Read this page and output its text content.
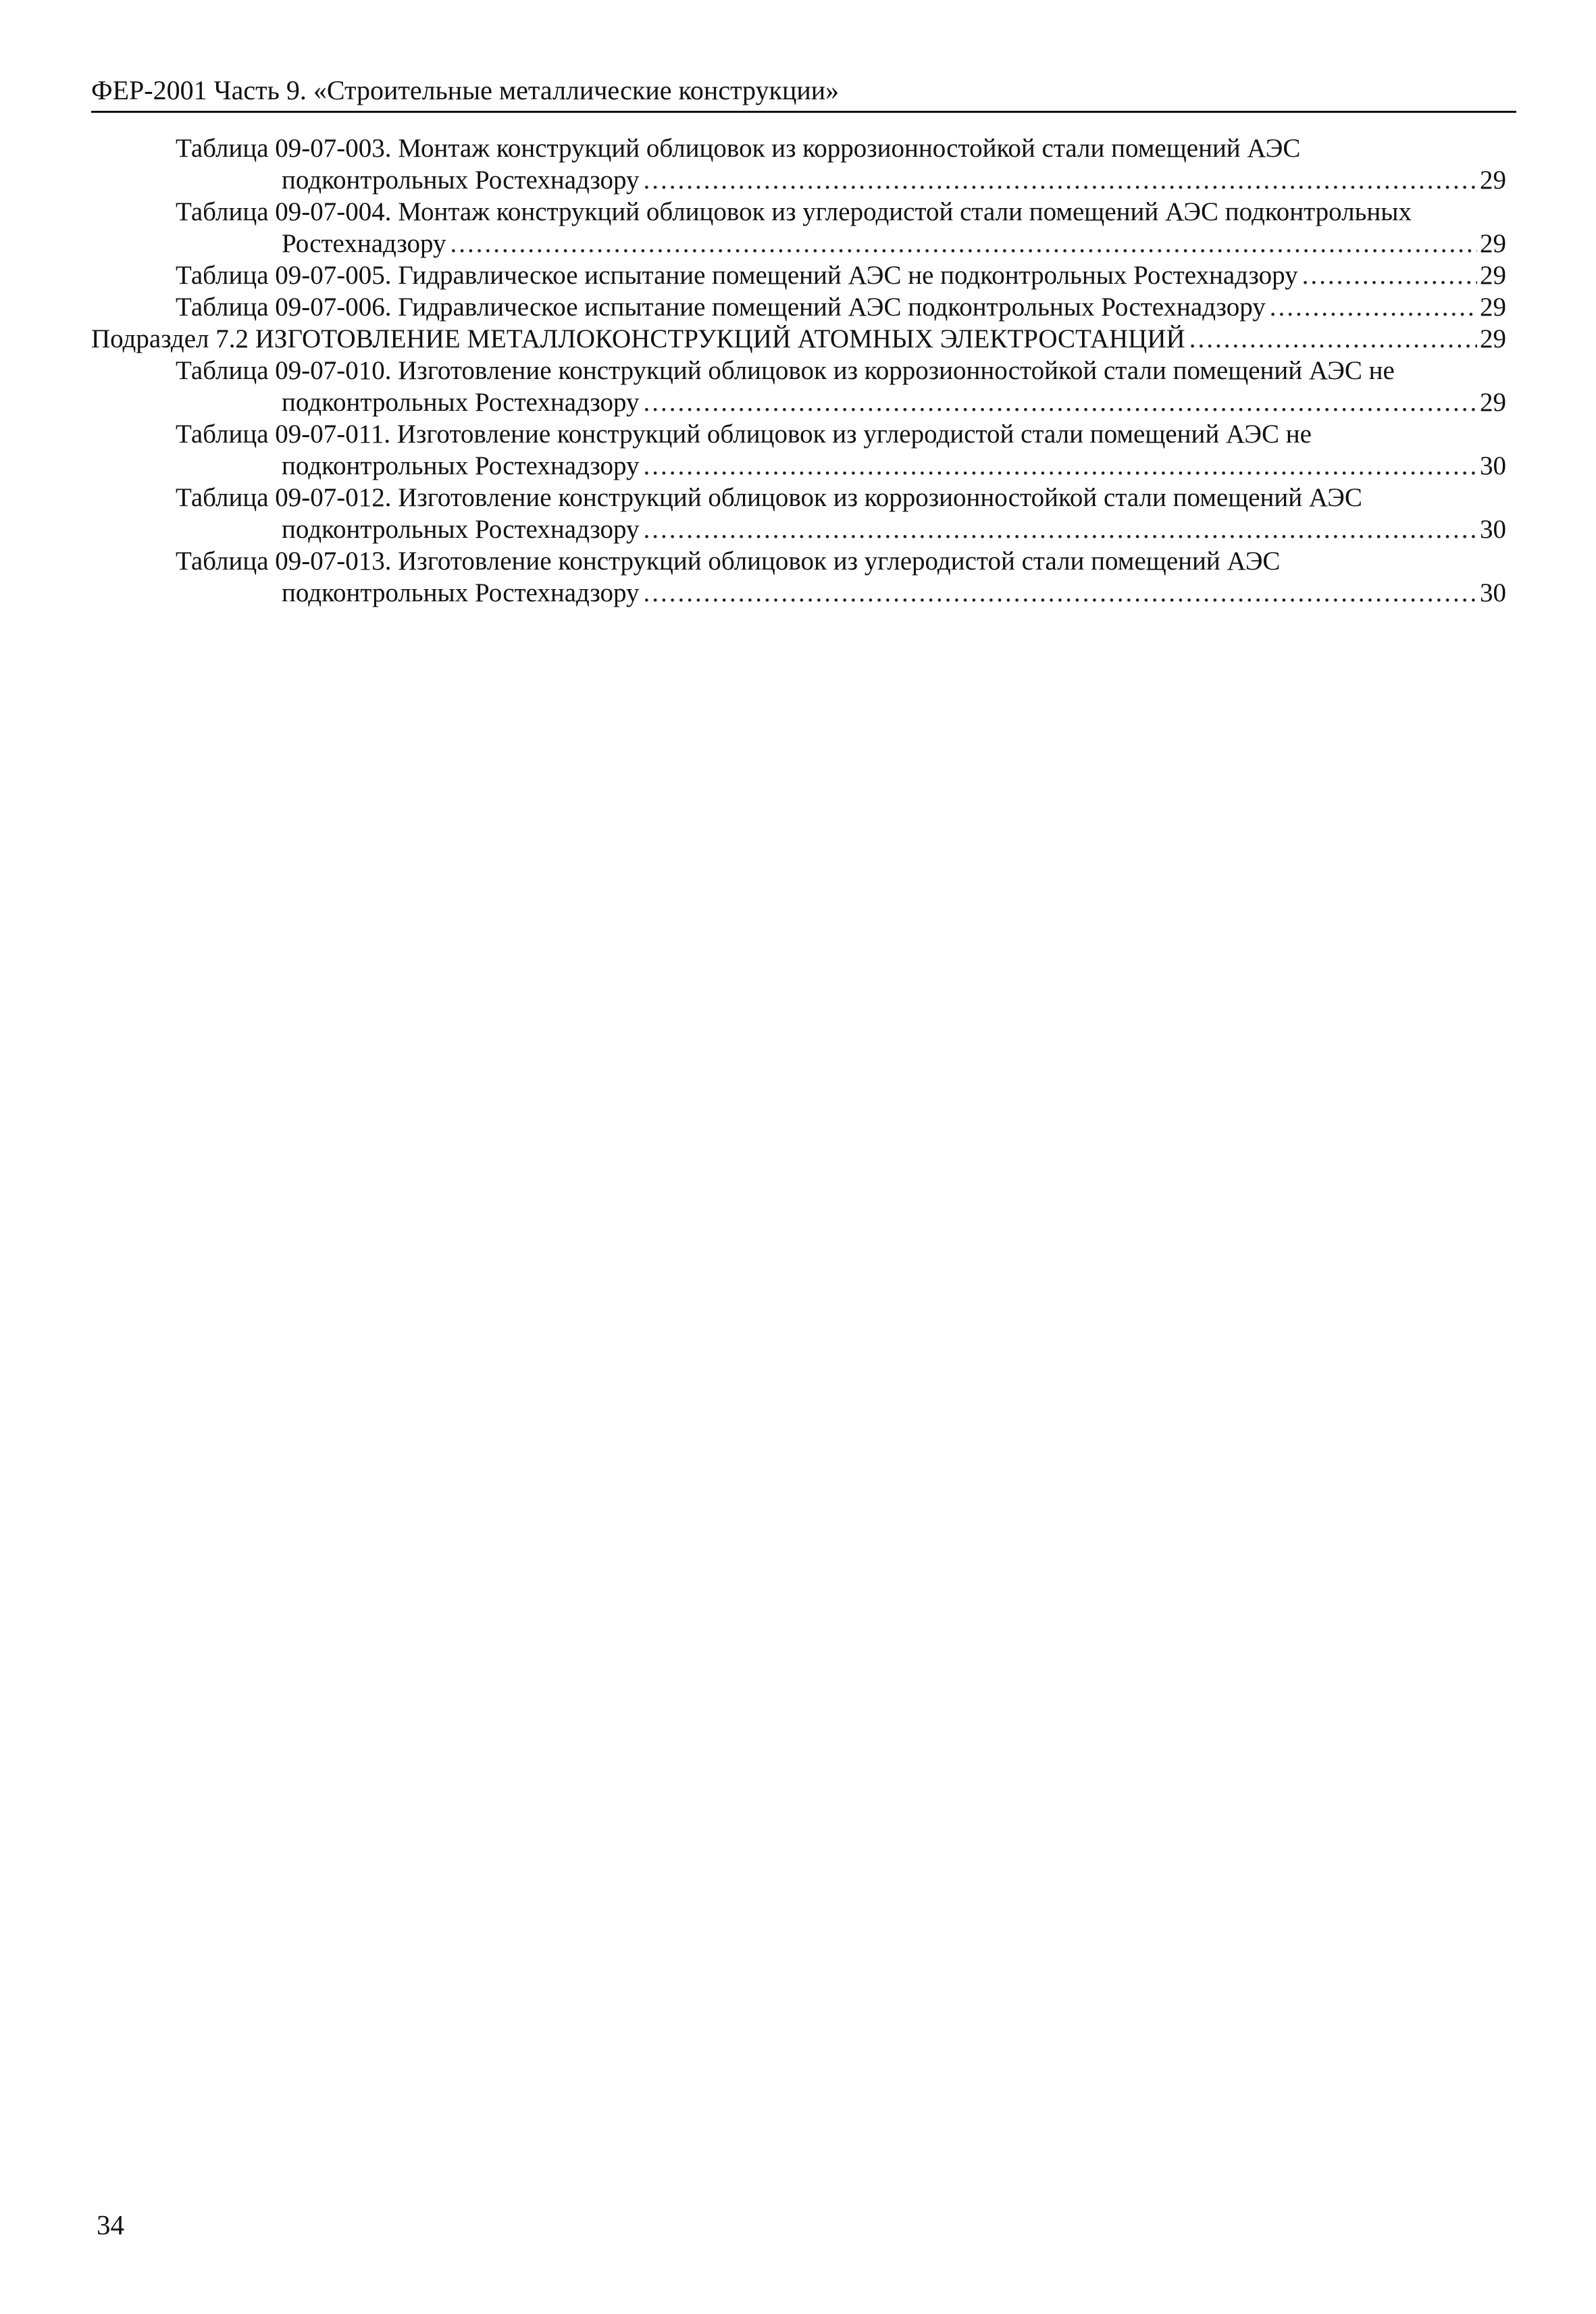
ФЕР-2001 Часть 9. «Строительные металлические конструкции»
Таблица 09-07-003. Монтаж конструкций облицовок из коррозионностойкой стали помещений АЭС
подконтрольных Ростехнадзору .....	29
Таблица 09-07-004. Монтаж конструкций облицовок из углеродистой стали помещений АЭС подконтрольных
Ростехнадзору .....	29
Таблица 09-07-005. Гидравлическое испытание помещений АЭС не подконтрольных Ростехнадзору .....	29
Таблица 09-07-006. Гидравлическое испытание помещений АЭС подконтрольных Ростехнадзору .....	29
Подраздел 7.2 ИЗГОТОВЛЕНИЕ МЕТАЛЛОКОНСТРУКЦИЙ АТОМНЫХ ЭЛЕКТРОСТАНЦИЙ .....	29
Таблица 09-07-010. Изготовление конструкций облицовок из коррозионностойкой стали помещений АЭС не
подконтрольных Ростехнадзору .....	29
Таблица 09-07-011. Изготовление конструкций облицовок из углеродистой стали помещений АЭС не
подконтрольных Ростехнадзору .....	30
Таблица 09-07-012. Изготовление конструкций облицовок из коррозионностойкой стали помещений АЭС
подконтрольных Ростехнадзору .....	30
Таблица 09-07-013. Изготовление конструкций облицовок из углеродистой стали помещений АЭС
подконтрольных Ростехнадзору .....	30
34
